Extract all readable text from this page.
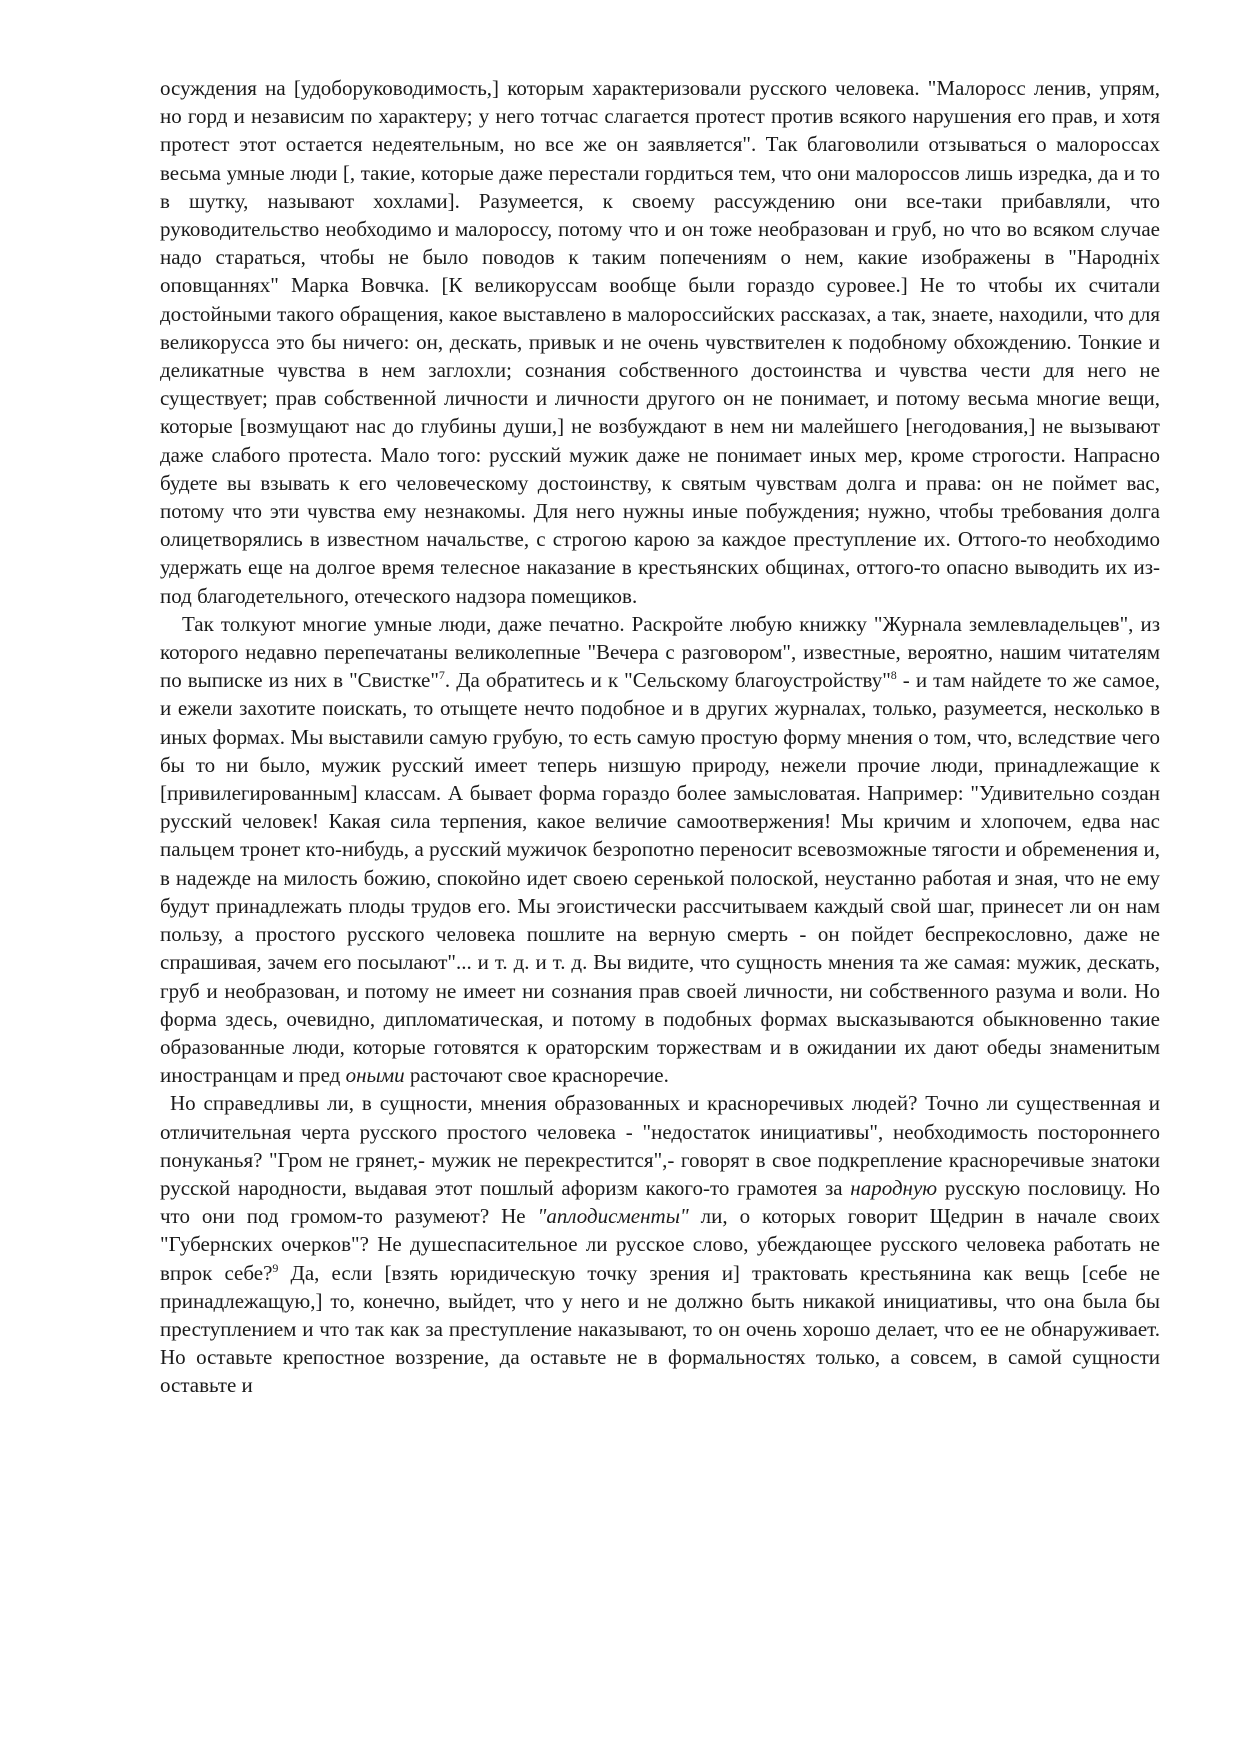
осуждения на [удоборуководимость,] которым характеризовали русского человека. "Малоросс ленив, упрям, но горд и независим по характеру; у него тотчас слагается протест против всякого нарушения его прав, и хотя протест этот остается недеятельным, но все же он заявляется". Так благоволили отзываться о малороссах весьма умные люди [, такие, которые даже перестали гордиться тем, что они малороссов лишь изредка, да и то в шутку, называют хохлами]. Разумеется, к своему рассуждению они все-таки прибавляли, что руководительство необходимо и малороссу, потому что и он тоже необразован и груб, но что во всяком случае надо стараться, чтобы не было поводов к таким попечениям о нем, какие изображены в "Народнiх оповщаннях" Марка Вовчка. [К великоруссам вообще были гораздо суровее.] Не то чтобы их считали достойными такого обращения, какое выставлено в малороссийских рассказах, а так, знаете, находили, что для великорусса это бы ничего: он, дескать, привык и не очень чувствителен к подобному обхождению. Тонкие и деликатные чувства в нем заглохли; сознания собственного достоинства и чувства чести для него не существует; прав собственной личности и личности другого он не понимает, и потому весьма многие вещи, которые [возмущают нас до глубины души,] не возбуждают в нем ни малейшего [негодования,] не вызывают даже слабого протеста. Мало того: русский мужик даже не понимает иных мер, кроме строгости. Напрасно будете вы взывать к его человеческому достоинству, к святым чувствам долга и права: он не поймет вас, потому что эти чувства ему незнакомы. Для него нужны иные побуждения; нужно, чтобы требования долга олицетворялись в известном начальстве, с строгою карою за каждое преступление их. Оттого-то необходимо удержать еще на долгое время телесное наказание в крестьянских общинах, оттого-то опасно выводить их из-под благодетельного, отеческого надзора помещиков.

Так толкуют многие умные люди, даже печатно. Раскройте любую книжку "Журнала землевладельцев", из которого недавно перепечатаны великолепные "Вечера с разговором", известные, вероятно, нашим читателям по выписке из них в "Свистке"$^7$. Да обратитесь и к "Сельскому благоустройству"$^8$ - и там найдете то же самое, и ежели захотите поискать, то отыщете нечто подобное и в других журналах, только, разумеется, несколько в иных формах. Мы выставили самую грубую, то есть самую простую форму мнения о том, что, вследствие чего бы то ни было, мужик русский имеет теперь низшую природу, нежели прочие люди, принадлежащие к [привилегированным] классам. А бывает форма гораздо более замысловатая. Например: "Удивительно создан русский человек! Какая сила терпения, какое величие самоотвержения! Мы кричим и хлопочем, едва нас пальцем тронет кто-нибудь, а русский мужичок безропотно переносит всевозможные тягости и обременения и, в надежде на милость божию, спокойно идет своею серенькой полоской, неустанно работая и зная, что не ему будут принадлежать плоды трудов его. Мы эгоистически рассчитываем каждый свой шаг, принесет ли он нам пользу, а простого русского человека пошлите на верную смерть - он пойдет беспрекословно, даже не спрашивая, зачем его посылают"... и т. д. и т. д. Вы видите, что сущность мнения та же самая: мужик, дескать, груб и необразован, и потому не имеет ни сознания прав своей личности, ни собственного разума и воли. Но форма здесь, очевидно, дипломатическая, и потому в подобных формах высказываются обыкновенно такие образованные люди, которые готовятся к ораторским торжествам и в ожидании их дают обеды знаменитым иностранцам и пред оными расточают свое красноречие.

Но справедливы ли, в сущности, мнения образованных и красноречивых людей? Точно ли существенная и отличительная черта русского простого человека - "недостаток инициативы", необходимость постороннего понуканья? "Гром не грянет,- мужик не перекрестится",- говорят в свое подкрепление красноречивые знатоки русской народности, выдавая этот пошлый афоризм какого-то грамотея за народную русскую пословицу. Но что они под громом-то разумеют? Не "аплодисменты" ли, о которых говорит Щедрин в начале своих "Губернских очерков"? Не душеспасительное ли русское слово, убеждающее русского человека работать не впрок себе?$^9$ Да, если [взять юридическую точку зрения и] трактовать крестьянина как вещь [себе не принадлежащую,] то, конечно, выйдет, что у него и не должно быть никакой инициативы, что она была бы преступлением и что так как за преступление наказывают, то он очень хорошо делает, что ее не обнаруживает. Но оставьте крепостное воззрение, да оставьте не в формальностях только, а совсем, в самой сущности оставьте и
